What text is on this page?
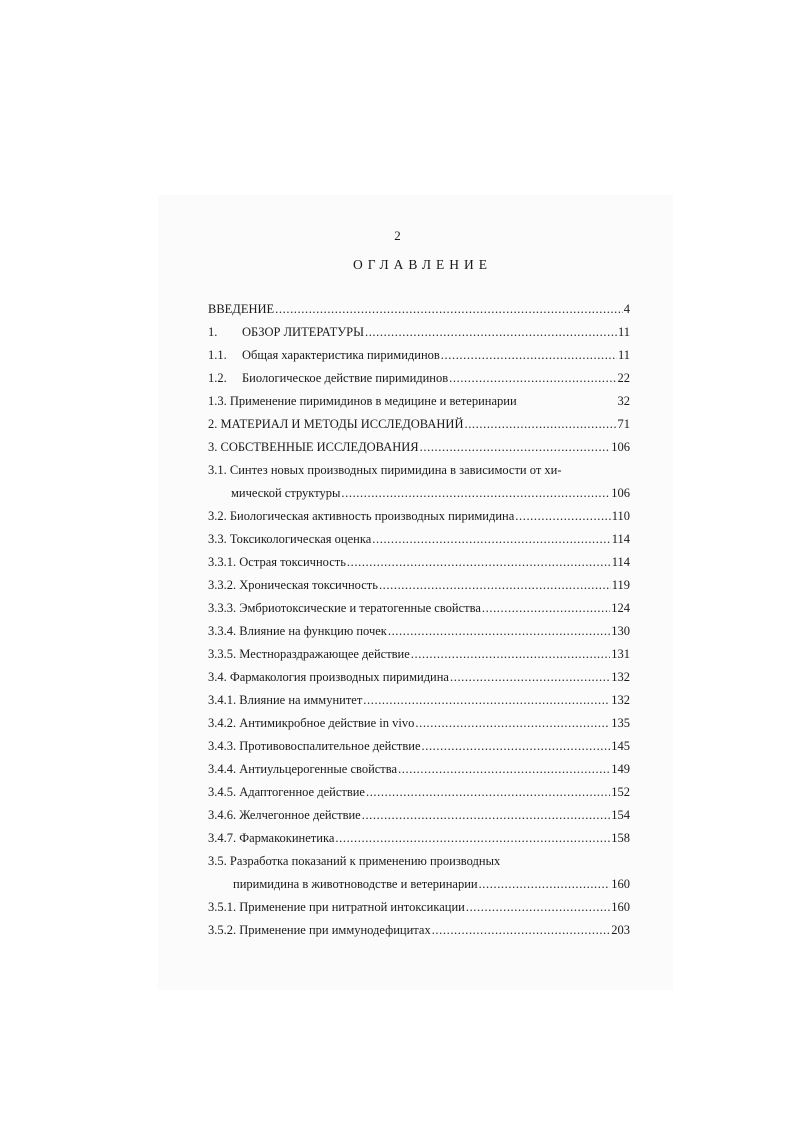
2
ОГЛАВЛЕНИЕ
ВВЕДЕНИЕ .....	4
1.	ОБЗОР ЛИТЕРАТУРЫ .....	11
1.1.	Общая характеристика пиримидинов .....	11
1.2.	Биологическое действие пиримидинов .....	22
1.3. Применение пиримидинов в медицине и ветеринарии	32
2. МАТЕРИАЛ И МЕТОДЫ ИССЛЕДОВАНИЙ .....	71
3. СОБСТВЕННЫЕ ИССЛЕДОВАНИЯ .....	106
3.1. Синтез новых производных пиримидина в зависимости от хи-
мической структуры .....	106
3.2. Биологическая активность производных пиримидина .....	110
3.3. Токсикологическая оценка .....	114
3.3.1. Острая токсичность .....	114
3.3.2. Хроническая токсичность .....	119
3.3.3. Эмбриотоксические и тератогенные свойства .....	124
3.3.4. Влияние на функцию почек .....	130
3.3.5. Местнораздражающее действие .....	131
3.4. Фармакология производных пиримидина .....	132
3.4.1. Влияние на иммунитет .....	132
3.4.2. Антимикробное действие in vivo .....	135
3.4.3. Противовоспалительное действие .....	145
3.4.4. Антиульцерогенные свойства .....	149
3.4.5. Адаптогенное действие .....	152
3.4.6. Желчегонное действие .....	154
3.4.7. Фармакокинетика .....	158
3.5. Разработка показаний к применению производных
пиримидина в животноводстве и ветеринарии .....	160
3.5.1. Применение при нитратной интоксикации .....	160
3.5.2. Применение при иммунодефицитах .....	203
